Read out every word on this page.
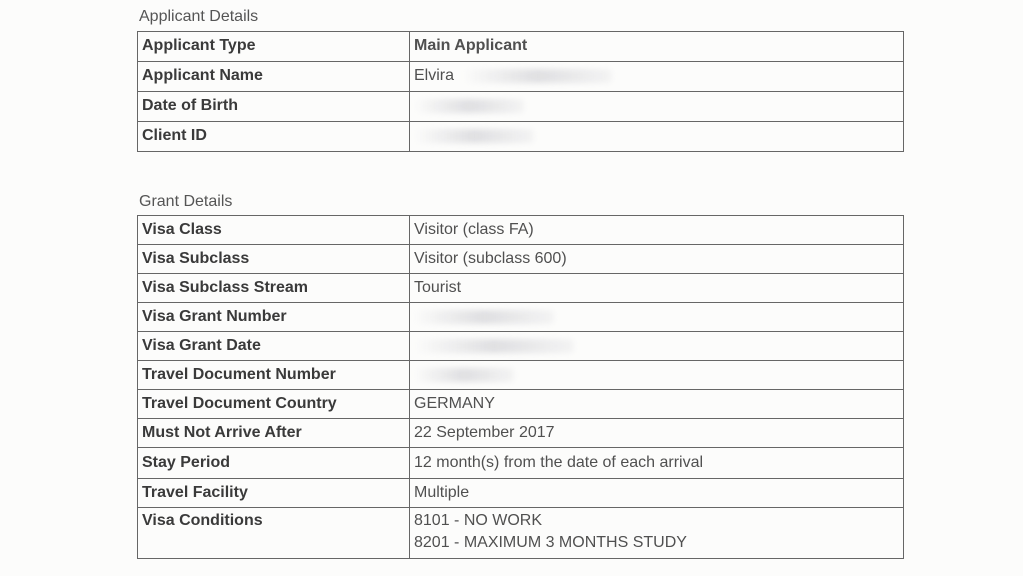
Applicant Details
Applicant Type	Main Applicant
Applicant Name	Elvira
Date of Birth	
Client ID	
Grant Details
Visa Class	Visitor (class FA)
Visa Subclass	Visitor (subclass 600)
Visa Subclass Stream	Tourist
Visa Grant Number	
Visa Grant Date	
Travel Document Number	
Travel Document Country	GERMANY
Must Not Arrive After	22 September 2017
Stay Period	12 month(s) from the date of each arrival
Travel Facility	Multiple
Visa Conditions	8101 - NO WORK
8201 - MAXIMUM 3 MONTHS STUDY
